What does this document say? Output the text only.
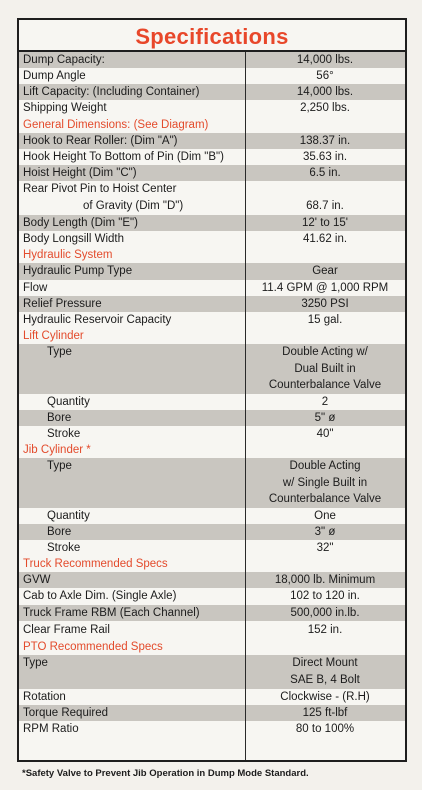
Specifications
Dump Capacity:	14,000 lbs.
Dump Angle	56°
Lift Capacity: (Including Container)	14,000 lbs.
Shipping Weight	2,250 lbs.
General Dimensions: (See Diagram)
Hook to Rear Roller: (Dim "A")	138.37 in.
Hook Height To Bottom of Pin (Dim "B")	35.63 in.
Hoist Height (Dim "C")	6.5 in.
Rear Pivot Pin to Hoist Center
of Gravity (Dim "D")	68.7 in.
Body Length (Dim "E")	12' to 15'
Body Longsill Width	41.62 in.
Hydraulic System
Hydraulic Pump Type	Gear
Flow	11.4 GPM @ 1,000 RPM
Relief Pressure	3250 PSI
Hydraulic Reservoir Capacity	15 gal.
Lift Cylinder
Type	Double Acting w/
Dual Built in
Counterbalance Valve
Quantity	2
Bore	5" ø
Stroke	40"
Jib Cylinder *
Type	Double Acting
w/ Single Built in
Counterbalance Valve
Quantity	One
Bore	3" ø
Stroke	32"
Truck Recommended Specs
GVW	18,000 lb. Minimum
Cab to Axle Dim. (Single Axle)	102 to 120 in.
Truck Frame RBM (Each Channel)	500,000 in.lb.
Clear Frame Rail	152 in.
PTO Recommended Specs
Type	Direct Mount
SAE B, 4 Bolt
Rotation	Clockwise - (R.H)
Torque Required	125 ft-lbf
RPM Ratio	80 to 100%
*Safety Valve to Prevent Jib Operation in Dump Mode Standard.
